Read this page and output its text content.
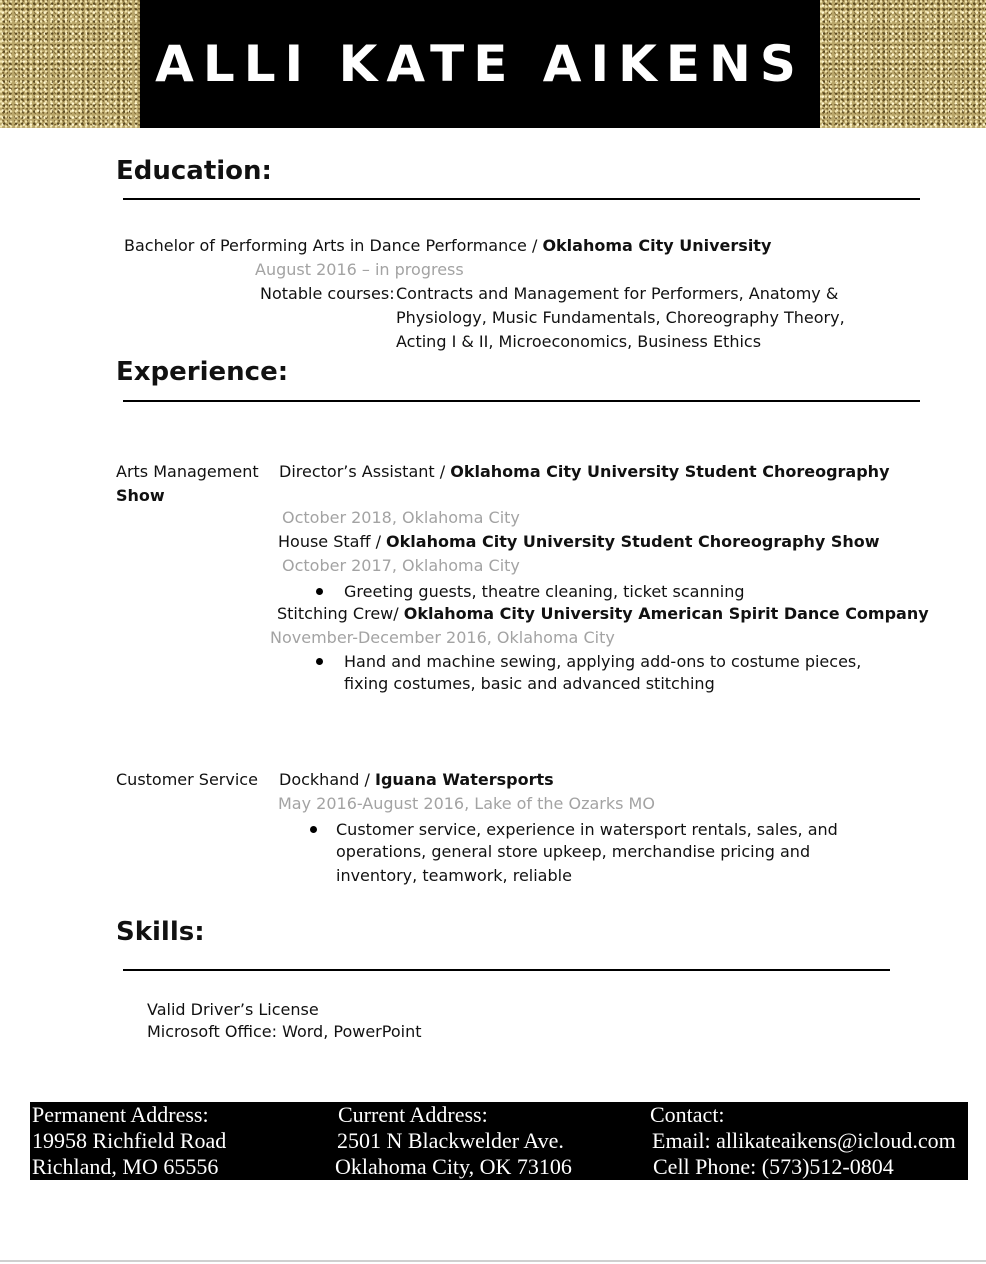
ALLI KATE AIKENS
Education:
Bachelor of Performing Arts in Dance Performance / Oklahoma City University
August 2016 – in progress
Notable courses: Contracts and Management for Performers, Anatomy &
Physiology, Music Fundamentals, Choreography Theory,
Acting I & II, Microeconomics, Business Ethics
Experience:
Arts Management Director’s Assistant / Oklahoma City University Student Choreography
Show
October 2018, Oklahoma City
House Staff / Oklahoma City University Student Choreography Show
October 2017, Oklahoma City
Greeting guests, theatre cleaning, ticket scanning
Stitching Crew/ Oklahoma City University American Spirit Dance Company
November-December 2016, Oklahoma City
Hand and machine sewing, applying add-ons to costume pieces,
fixing costumes, basic and advanced stitching
Customer Service Dockhand / Iguana Watersports
May 2016-August 2016, Lake of the Ozarks MO
Customer service, experience in watersport rentals, sales, and
operations, general store upkeep, merchandise pricing and
inventory, teamwork, reliable
Skills:
Valid Driver’s License
Microsoft Office: Word, PowerPoint
Permanent Address:
19958 Richfield Road
Richland, MO 65556
Current Address:
2501 N Blackwelder Ave.
Oklahoma City, OK 73106
Contact:
Email: allikateaikens@icloud.com
Cell Phone: (573)512-0804
